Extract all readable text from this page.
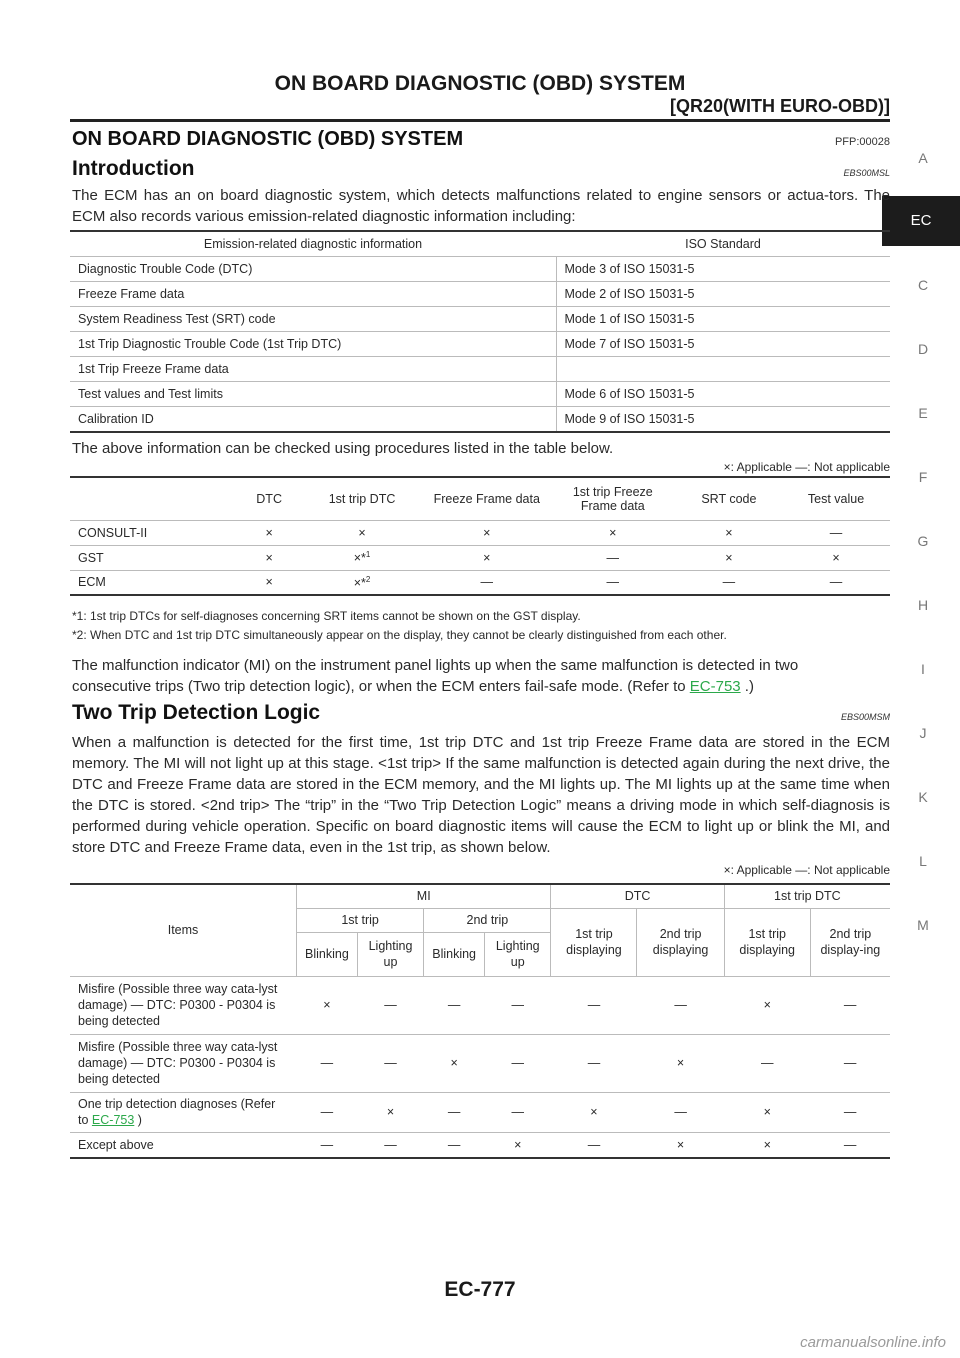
ON BOARD DIAGNOSTIC (OBD) SYSTEM
[QR20(WITH EURO-OBD)]
A
EC
C
D
E
F
G
H
I
J
K
L
M
ON BOARD DIAGNOSTIC (OBD) SYSTEM	PFP:00028
Introduction	EBS00MSL
The ECM has an on board diagnostic system, which detects malfunctions related to engine sensors or actua-tors. The ECM also records various emission-related diagnostic information including:
Emission-related diagnostic information	ISO Standard
Diagnostic Trouble Code (DTC)	Mode 3 of ISO 15031-5
Freeze Frame data	Mode 2 of ISO 15031-5
System Readiness Test (SRT) code	Mode 1 of ISO 15031-5
1st Trip Diagnostic Trouble Code (1st Trip DTC)	Mode 7 of ISO 15031-5
1st Trip Freeze Frame data	
Test values and Test limits	Mode 6 of ISO 15031-5
Calibration ID	Mode 9 of ISO 15031-5
The above information can be checked using procedures listed in the table below.
×: Applicable —: Not applicable
	DTC	1st trip DTC	Freeze Frame data	1st trip Freeze Frame data	SRT code	Test value
CONSULT-II	×	×	×	×	×	—
GST	×	×*$^1$	×	—	×	×
ECM	×	×*$^2$	—	—	—	—
*1: 1st trip DTCs for self-diagnoses concerning SRT items cannot be shown on the GST display.
*2: When DTC and 1st trip DTC simultaneously appear on the display, they cannot be clearly distinguished from each other.
The malfunction indicator (MI) on the instrument panel lights up when the same malfunction is detected in two
consecutive trips (Two trip detection logic), or when the ECM enters fail-safe mode. (Refer to EC-753 .)
Two Trip Detection Logic	EBS00MSM
When a malfunction is detected for the first time, 1st trip DTC and 1st trip Freeze Frame data are stored in the ECM memory. The MI will not light up at this stage. <1st trip> If the same malfunction is detected again during the next drive, the DTC and Freeze Frame data are stored in the ECM memory, and the MI lights up. The MI lights up at the same time when the DTC is stored. <2nd trip> The “trip” in the “Two Trip Detection Logic” means a driving mode in which self-diagnosis is performed during vehicle operation. Specific on board diagnostic items will cause the ECM to light up or blink the MI, and store DTC and Freeze Frame data, even in the 1st trip, as shown below.
×: Applicable —: Not applicable
Items	MI				DTC		1st trip DTC	
	1st trip		2nd trip		1st trip displaying	2nd trip displaying	1st trip displaying	2nd trip display-ing
	Blinking	Lighting up	Blinking	Lighting up				
Misfire (Possible three way cata-lyst damage) — DTC: P0300 - P0304 is being detected	×	—	—	—	—	—	×	—
Misfire (Possible three way cata-lyst damage) — DTC: P0300 - P0304 is being detected	—	—	×	—	—	×	—	—
One trip detection diagnoses (Refer to EC-753 )	—	×	—	—	×	—	×	—
Except above	—	—	—	×	—	×	×	—
EC-777
carmanualsonline.info
